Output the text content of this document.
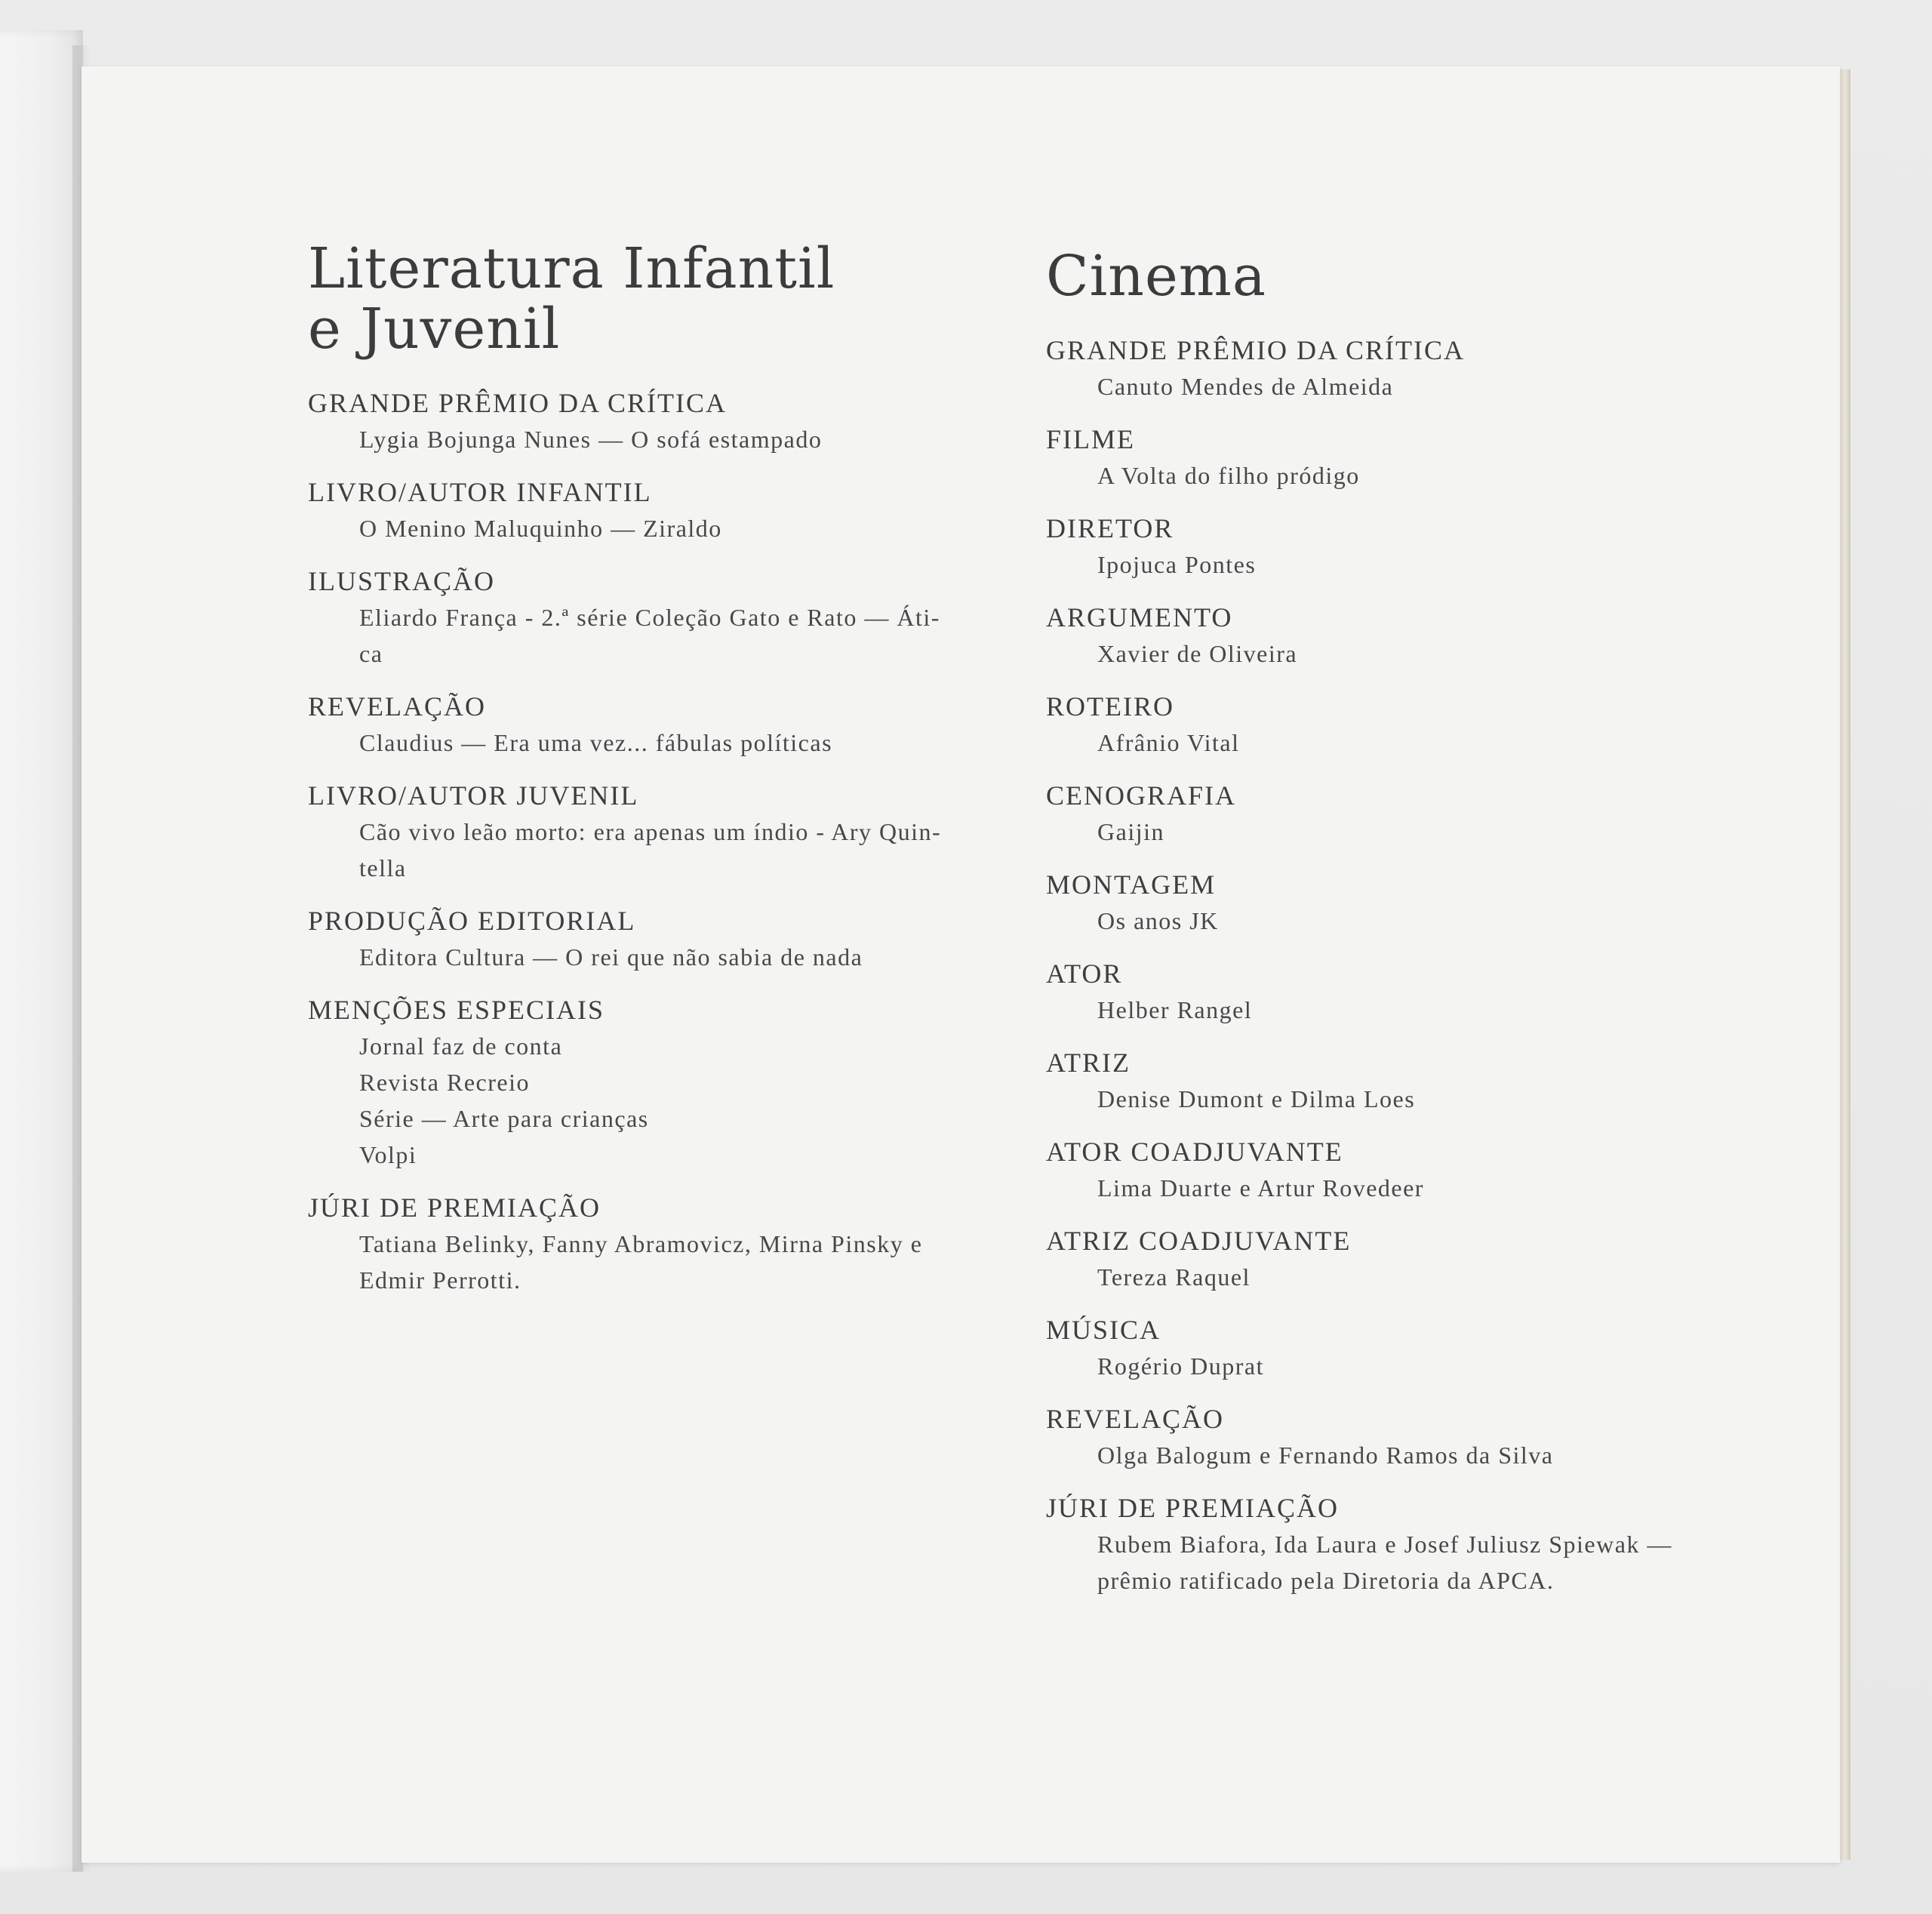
Literatura Infantil
e Juvenil
GRANDE PRÊMIO DA CRÍTICA
Lygia Bojunga Nunes — O sofá estampado
LIVRO/AUTOR INFANTIL
O Menino Maluquinho — Ziraldo
ILUSTRAÇÃO
Eliardo França - 2.ª série Coleção Gato e Rato — Áti-
ca
REVELAÇÃO
Claudius — Era uma vez... fábulas políticas
LIVRO/AUTOR JUVENIL
Cão vivo leão morto: era apenas um índio - Ary Quin-
tella
PRODUÇÃO EDITORIAL
Editora Cultura — O rei que não sabia de nada
MENÇÕES ESPECIAIS
Jornal faz de conta
Revista Recreio
Série — Arte para crianças
Volpi
JÚRI DE PREMIAÇÃO
Tatiana Belinky, Fanny Abramovicz, Mirna Pinsky e
Edmir Perrotti.
Cinema
GRANDE PRÊMIO DA CRÍTICA
Canuto Mendes de Almeida
FILME
A Volta do filho pródigo
DIRETOR
Ipojuca Pontes
ARGUMENTO
Xavier de Oliveira
ROTEIRO
Afrânio Vital
CENOGRAFIA
Gaijin
MONTAGEM
Os anos JK
ATOR
Helber Rangel
ATRIZ
Denise Dumont e Dilma Loes
ATOR COADJUVANTE
Lima Duarte e Artur Rovedeer
ATRIZ COADJUVANTE
Tereza Raquel
MÚSICA
Rogério Duprat
REVELAÇÃO
Olga Balogum e Fernando Ramos da Silva
JÚRI DE PREMIAÇÃO
Rubem Biafora, Ida Laura e Josef Juliusz Spiewak —
prêmio ratificado pela Diretoria da APCA.
